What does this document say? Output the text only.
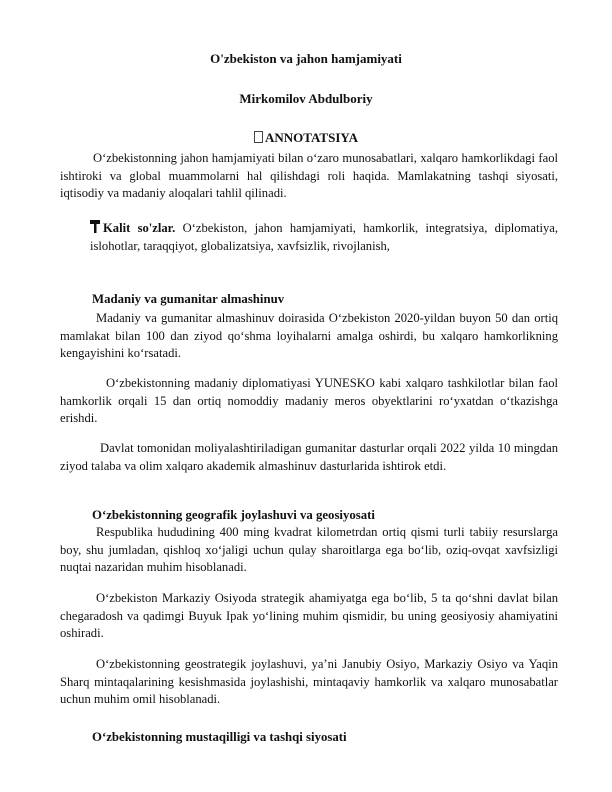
O'zbekiston va jahon hamjamiyati
Mirkomilov Abdulboriy
ANNOTATSIYA
O‘zbekistonning jahon hamjamiyati bilan o‘zaro munosabatlari, xalqaro hamkorlikdagi faol ishtiroki va global muammolarni hal qilishdagi roli haqida. Mamlakatning tashqi siyosati, iqtisodiy va madaniy aloqalari tahlil qilinadi.
Kalit so'zlar. O‘zbekiston, jahon hamjamiyati, hamkorlik, integratsiya, diplomatiya, islohotlar, taraqqiyot, globalizatsiya, xavfsizlik, rivojlanish,
Madaniy va gumanitar almashinuv
Madaniy va gumanitar almashinuv doirasida O‘zbekiston 2020-yildan buyon 50 dan ortiq mamlakat bilan 100 dan ziyod qo‘shma loyihalarni amalga oshirdi, bu xalqaro hamkorlikning kengayishini ko‘rsatadi.
O‘zbekistonning madaniy diplomatiyasi YUNESKO kabi xalqaro tashkilotlar bilan faol hamkorlik orqali 15 dan ortiq nomoddiy madaniy meros obyektlarini ro‘yxatdan o‘tkazishga erishdi.
Davlat tomonidan moliyalashtiriladigan gumanitar dasturlar orqali 2022 yilda 10 mingdan ziyod talaba va olim xalqaro akademik almashinuv dasturlarida ishtirok etdi.
O‘zbekistonning geografik joylashuvi va geosiyosati
Respublika hududining 400 ming kvadrat kilometrdan ortiq qismi turli tabiiy resurslarga boy, shu jumladan, qishloq xo‘jaligi uchun qulay sharoitlarga ega bo‘lib, oziq-ovqat xavfsizligi nuqtai nazaridan muhim hisoblanadi.
O‘zbekiston Markaziy Osiyoda strategik ahamiyatga ega bo‘lib, 5 ta qo‘shni davlat bilan chegaradosh va qadimgi Buyuk Ipak yo‘lining muhim qismidir, bu uning geosiyosiy ahamiyatini oshiradi.
O‘zbekistonning geostrategik joylashuvi, ya’ni Janubiy Osiyo, Markaziy Osiyo va Yaqin Sharq mintaqalarining kesishmasida joylashishi, mintaqaviy hamkorlik va xalqaro munosabatlar uchun muhim omil hisoblanadi.
O‘zbekistonning mustaqilligi va tashqi siyosati
